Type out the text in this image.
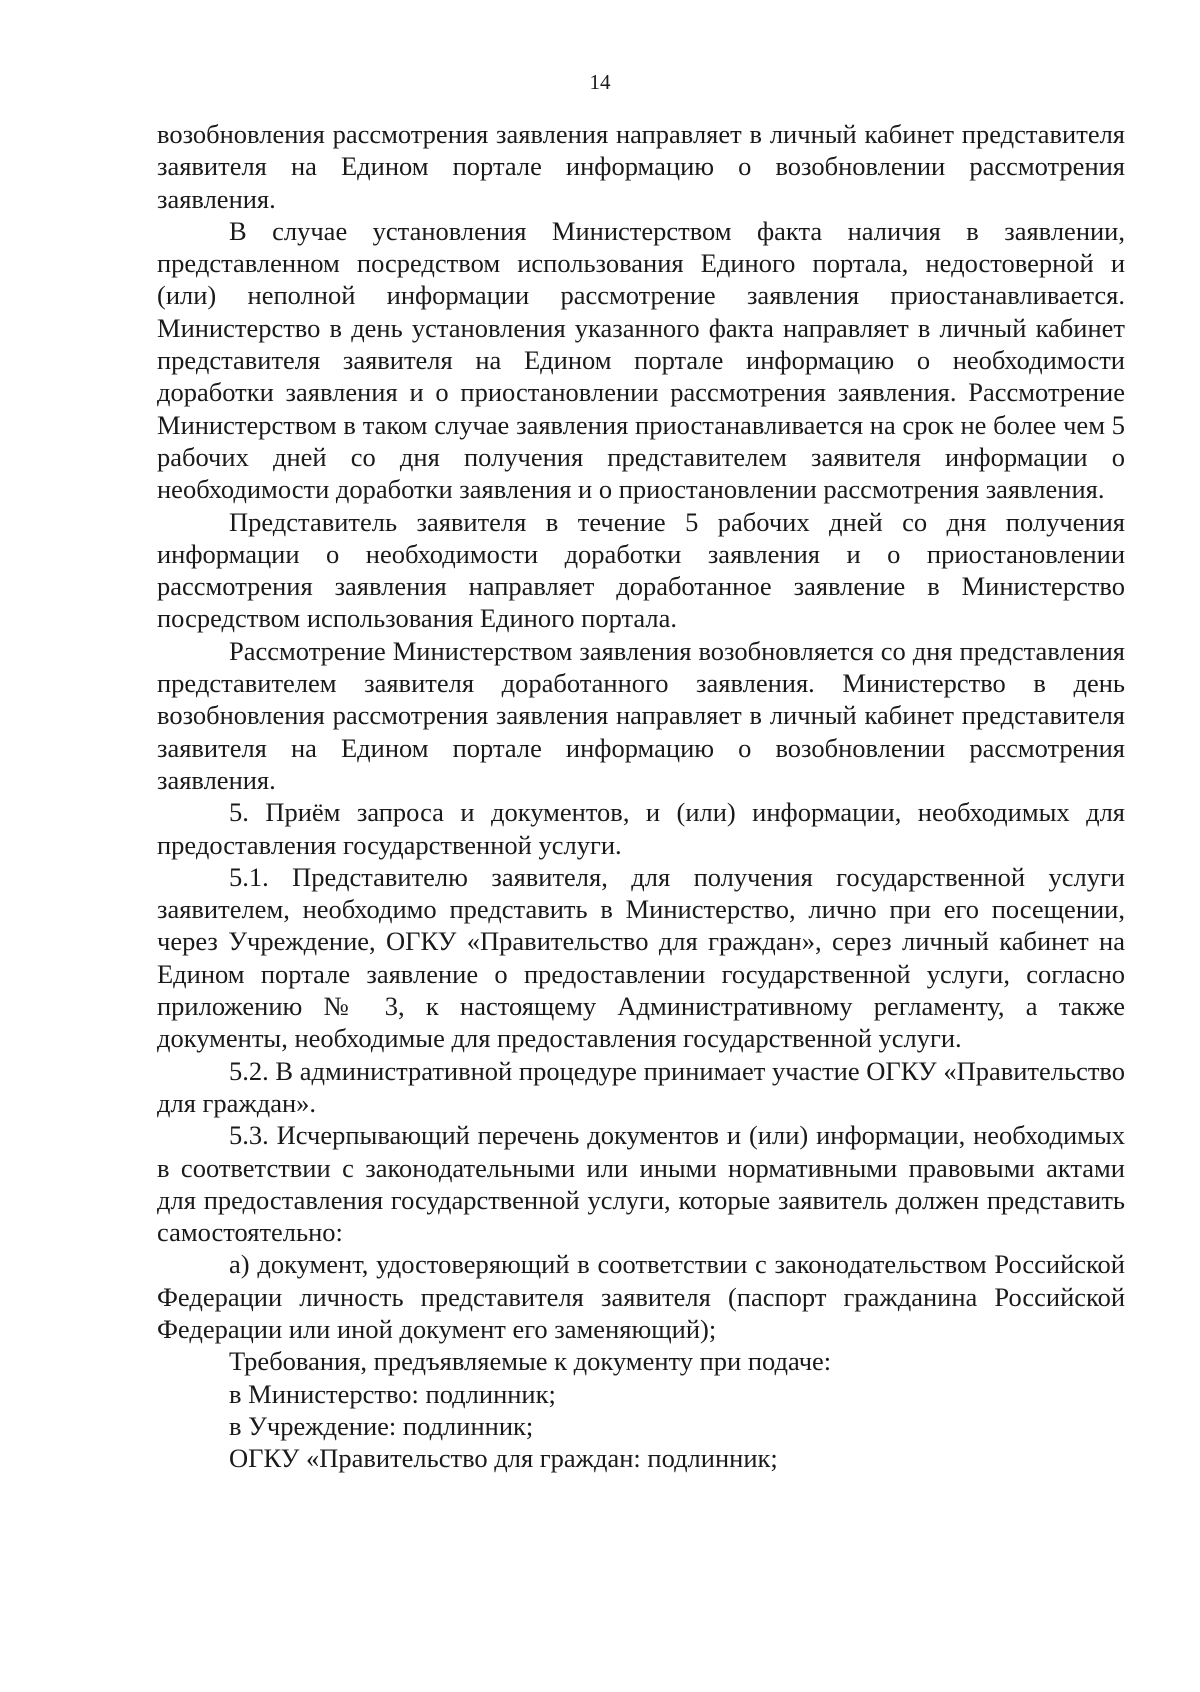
14

возобновления рассмотрения заявления направляет в личный кабинет представителя заявителя на Едином портале информацию о возобновлении рассмотрения заявления.

В случае установления Министерством факта наличия в заявлении, представленном посредством использования Единого портала, недостоверной и (или) неполной информации рассмотрение заявления приостанавливается. Министерство в день установления указанного факта направляет в личный кабинет представителя заявителя на Едином портале информацию о необходимости доработки заявления и о приостановлении рассмотрения заявления. Рассмотрение Министерством в таком случае заявления приостанавливается на срок не более чем 5 рабочих дней со дня получения представителем заявителя информации о необходимости доработки заявления и о приостановлении рассмотрения заявления.

Представитель заявителя в течение 5 рабочих дней со дня получения информации о необходимости доработки заявления и о приостановлении рассмотрения заявления направляет доработанное заявление в Министерство посредством использования Единого портала.

Рассмотрение Министерством заявления возобновляется со дня представления представителем заявителя доработанного заявления. Министерство в день возобновления рассмотрения заявления направляет в личный кабинет представителя заявителя на Едином портале информацию о возобновлении рассмотрения заявления.

5. Приём запроса и документов, и (или) информации, необходимых для предоставления государственной услуги.

5.1. Представителю заявителя, для получения государственной услуги заявителем, необходимо представить в Министерство, лично при его посещении, через Учреждение, ОГКУ «Правительство для граждан», серез личный кабинет на Едином портале заявление о предоставлении государственной услуги, согласно приложению № 3, к настоящему Административному регламенту, а также документы, необходимые для предоставления государственной услуги.

5.2. В административной процедуре принимает участие ОГКУ «Правительство для граждан».

5.3. Исчерпывающий перечень документов и (или) информации, необходимых в соответствии с законодательными или иными нормативными правовыми актами для предоставления государственной услуги, которые заявитель должен представить самостоятельно:

а) документ, удостоверяющий в соответствии с законодательством Российской Федерации личность представителя заявителя (паспорт гражданина Российской Федерации или иной документ его заменяющий);

Требования, предъявляемые к документу при подаче:

в Министерство: подлинник;

в Учреждение: подлинник;

ОГКУ «Правительство для граждан: подлинник;
